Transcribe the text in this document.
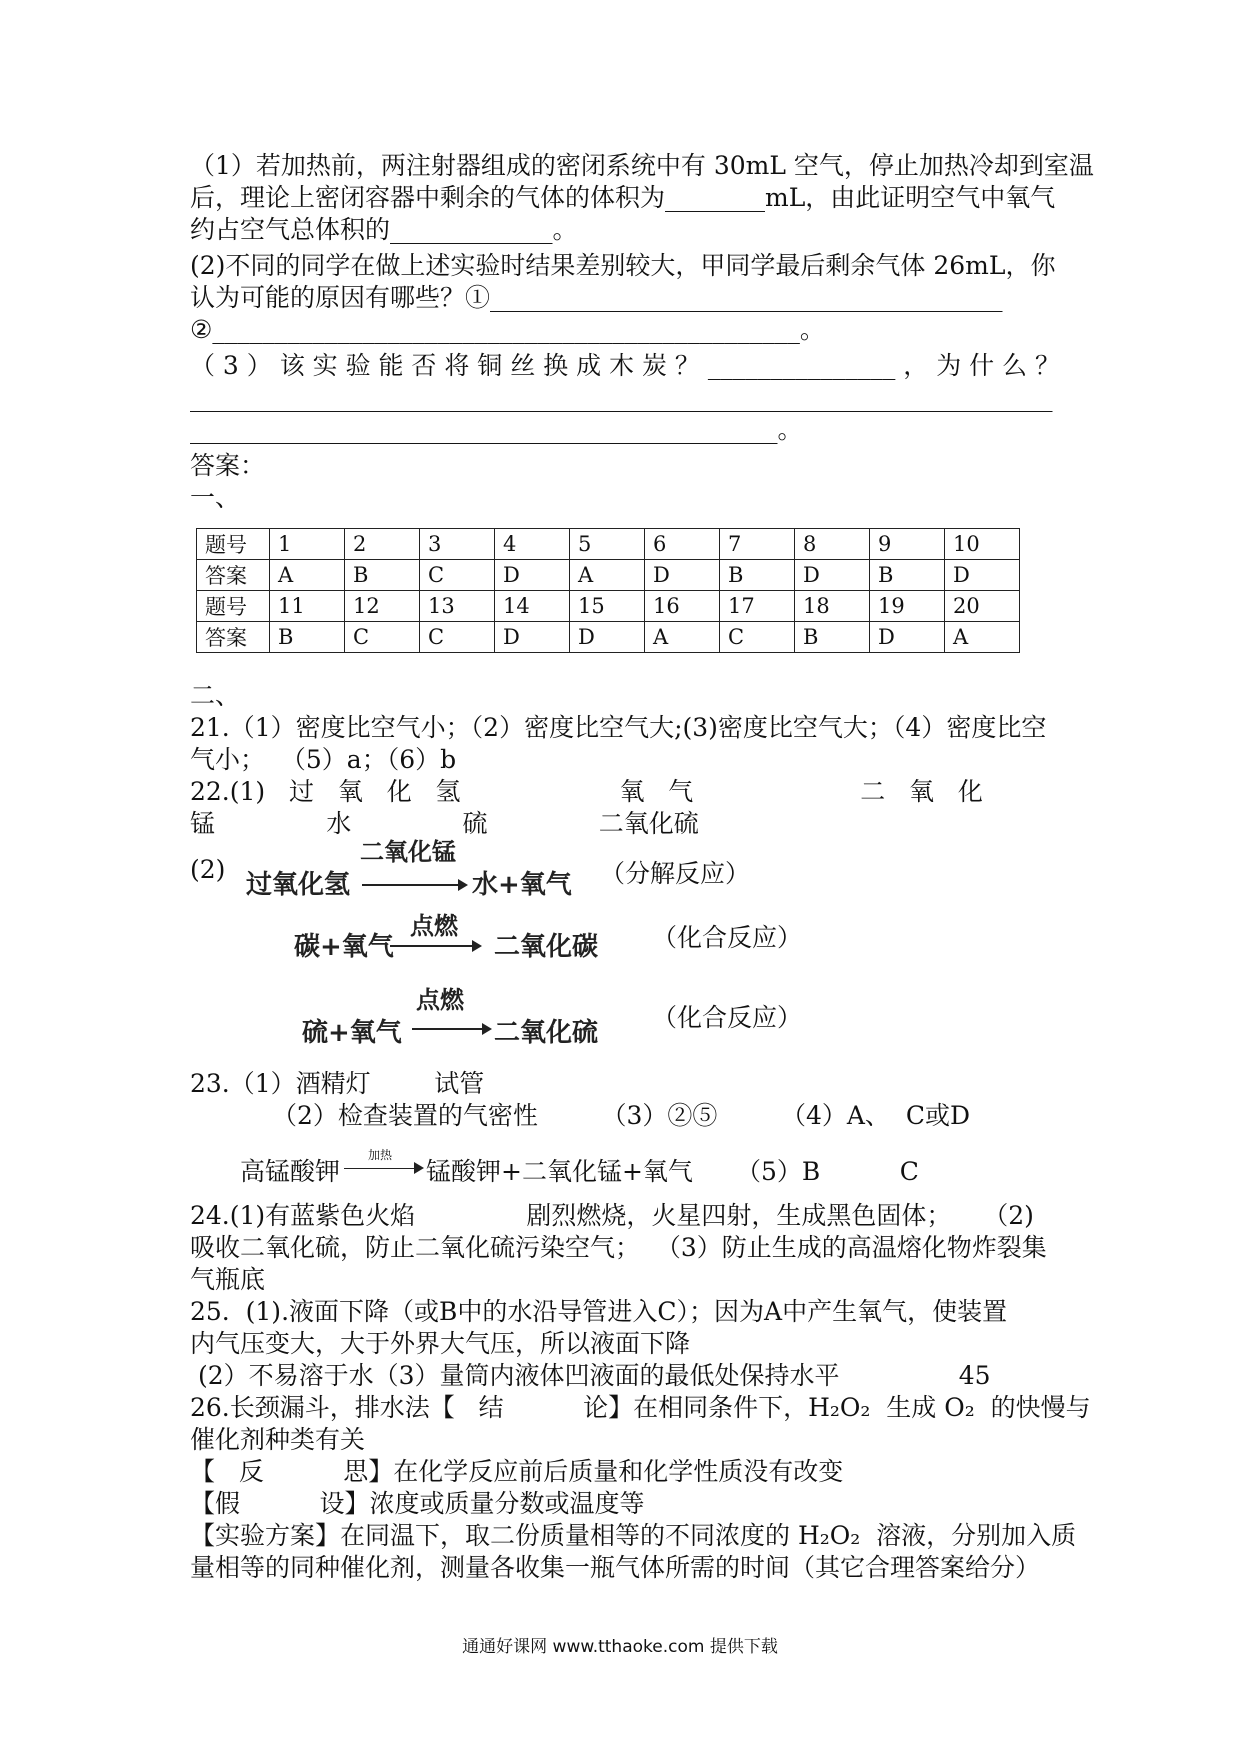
（1）若加热前，两注射器组成的密闭系统中有 30mL 空气，停止加热冷却到室温
后，理论上密闭容器中剩余的气体的体积为________mL，由此证明空气中氧气
约占空气总体积的_____________。
(2)不同的同学在做上述实验时结果差别较大，甲同学最后剩余气体 26mL，你
认为可能的原因有哪些？①_________________________________________
②_______________________________________________。
（3）该实验能否将铜丝换成木炭？_______________，为什么？
_____________________________________________________________________
_______________________________________________。
答案：
一、
题号	1	2	3	4	5	6	7	8	9	10
答案	A	B	C	D	A	D	B	D	B	D
题号	11	12	13	14	15	16	17	18	19	20
答案	B	C	C	D	D	A	C	B	D	A
二、
21.（1）密度比空气小；（2）密度比空气大;(3)密度比空气大；（4）密度比空
气小；  （5）a；（6）b
22.(1)   过   氧   化   氢                    氧   气                     二   氧   化
锰              水              硫              二氧化硫
(2)
过氧化氢
二氧化锰
水+氧气 （分解反应）
碳+氧气
点燃
二氧化碳 （化合反应）
硫+氧气
点燃
二氧化硫
（化合反应）
23.（1）酒精灯        试管
（2）检查装置的气密性        （3）②⑤        （4）A、  C或D
高锰酸钾
加热
锰酸钾+二氧化锰+氧气 （5）B          C
24.(1)有蓝紫色火焰              剧烈燃烧，火星四射，生成黑色固体；    （2)
吸收二氧化硫，防止二氧化硫污染空气；  （3）防止生成的高温熔化物炸裂集
气瓶底
25.  (1).液面下降（或B中的水沿导管进入C）；因为A中产生氧气，使装置
内气压变大，大于外界大气压，所以液面下降
(2）不易溶于水（3）量筒内液体凹液面的最低处保持水平               45
26.长颈漏斗，排水法【   结          论】在相同条件下，H₂O₂  生成 O₂  的快慢与
催化剂种类有关
【   反          思】在化学反应前后质量和化学性质没有改变
【假          设】浓度或质量分数或温度等
【实验方案】在同温下，取二份质量相等的不同浓度的 H₂O₂  溶液，分别加入质
量相等的同种催化剂，测量各收集一瓶气体所需的时间（其它合理答案给分）
通通好课网 www.tthaoke.com 提供下载
